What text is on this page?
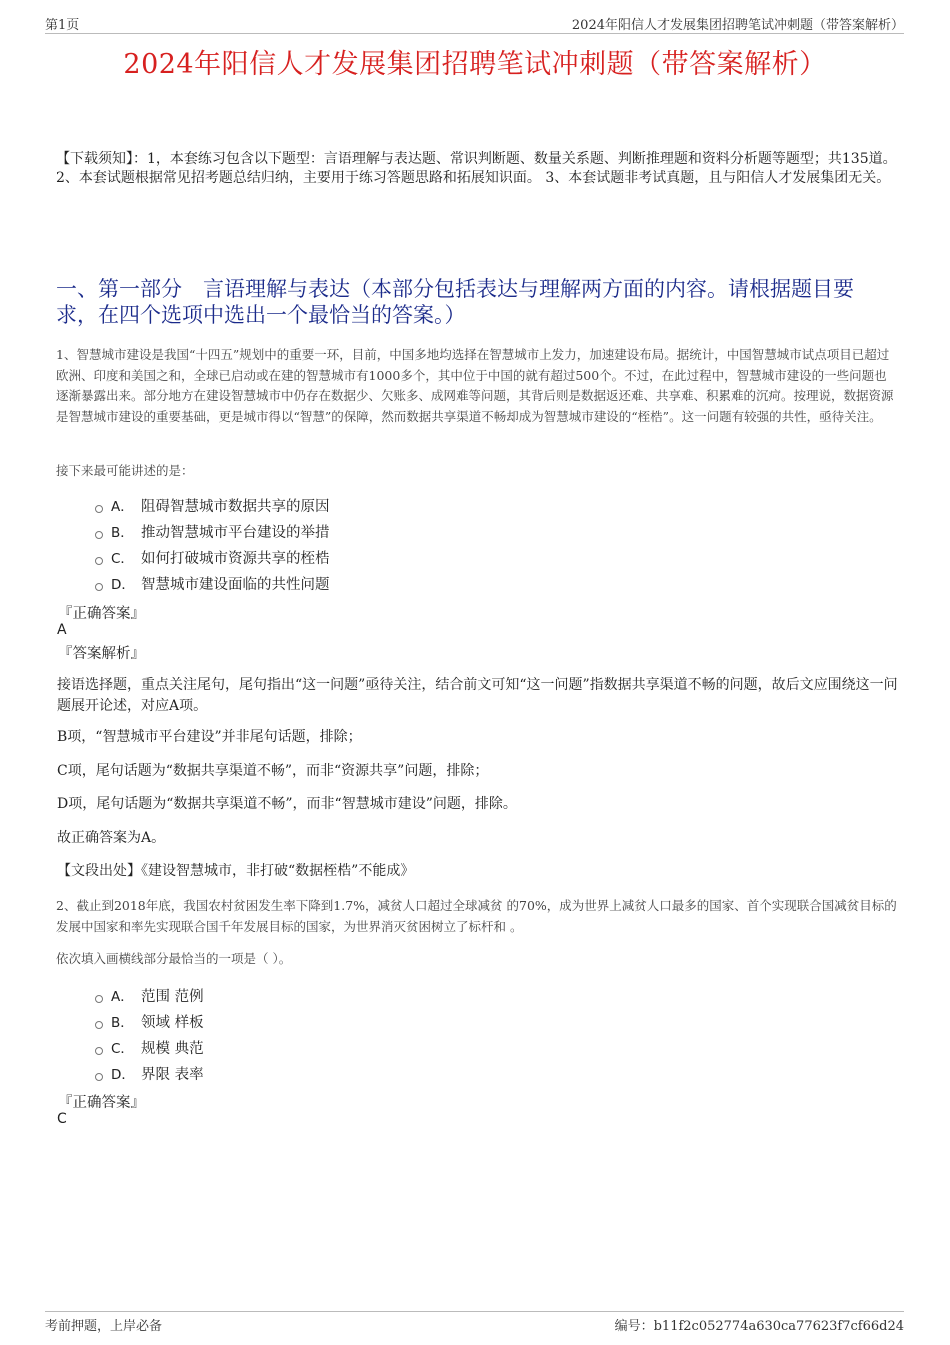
第1页	2024年阳信人才发展集团招聘笔试冲刺题（带答案解析）
2024年阳信人才发展集团招聘笔试冲刺题（带答案解析）
【下载须知】：1，本套练习包含以下题型：言语理解与表达题、常识判断题、数量关系题、判断推理题和资料分析题等题型；共135道。 2、本套试题根据常见招考题总结归纳，主要用于练习答题思路和拓展知识面。 3、本套试题非考试真题，且与阳信人才发展集团无关。
一、第一部分　言语理解与表达（本部分包括表达与理解两方面的内容。请根据题目要求，在四个选项中选出一个最恰当的答案。）
1、智慧城市建设是我国“十四五”规划中的重要一环，目前，中国多地均选择在智慧城市上发力，加速建设布局。据统计，中国智慧城市试点项目已超过欧洲、印度和美国之和，全球已启动或在建的智慧城市有1000多个，其中位于中国的就有超过500个。不过，在此过程中，智慧城市建设的一些问题也逐渐暴露出来。部分地方在建设智慧城市中仍存在数据少、欠账多、成网难等问题，其背后则是数据返还难、共享难、积累难的沉疴。按理说，数据资源是智慧城市建设的重要基础，更是城市得以“智慧”的保障，然而数据共享渠道不畅却成为智慧城市建设的“桎梏”。这一问题有较强的共性，亟待关注。
接下来最可能讲述的是：
A． 阻碍智慧城市数据共享的原因
B． 推动智慧城市平台建设的举措
C． 如何打破城市资源共享的桎梏
D． 智慧城市建设面临的共性问题
『正确答案』
A
『答案解析』
接语选择题，重点关注尾句，尾句指出“这一问题”亟待关注，结合前文可知“这一问题”指数据共享渠道不畅的问题，故后文应围绕这一问题展开论述，对应A项。
B项，“智慧城市平台建设”并非尾句话题，排除；
C项，尾句话题为“数据共享渠道不畅”，而非“资源共享”问题，排除；
D项，尾句话题为“数据共享渠道不畅”，而非“智慧城市建设”问题，排除。
故正确答案为A。
【文段出处】《建设智慧城市，非打破“数据桎梏”不能成》
2、截止到2018年底，我国农村贫困发生率下降到1.7%，减贫人口超过全球减贫 的70%，成为世界上减贫人口最多的国家、首个实现联合国减贫目标的发展中国家和率先实现联合国千年发展目标的国家，为世界消灭贫困树立了标杆和 。
依次填入画横线部分最恰当的一项是（ ）。
A． 范围 范例
B． 领域 样板
C． 规模 典范
D． 界限 表率
『正确答案』
C
考前押题，上岸必备	编号：b11f2c052774a630ca77623f7cf66d24
